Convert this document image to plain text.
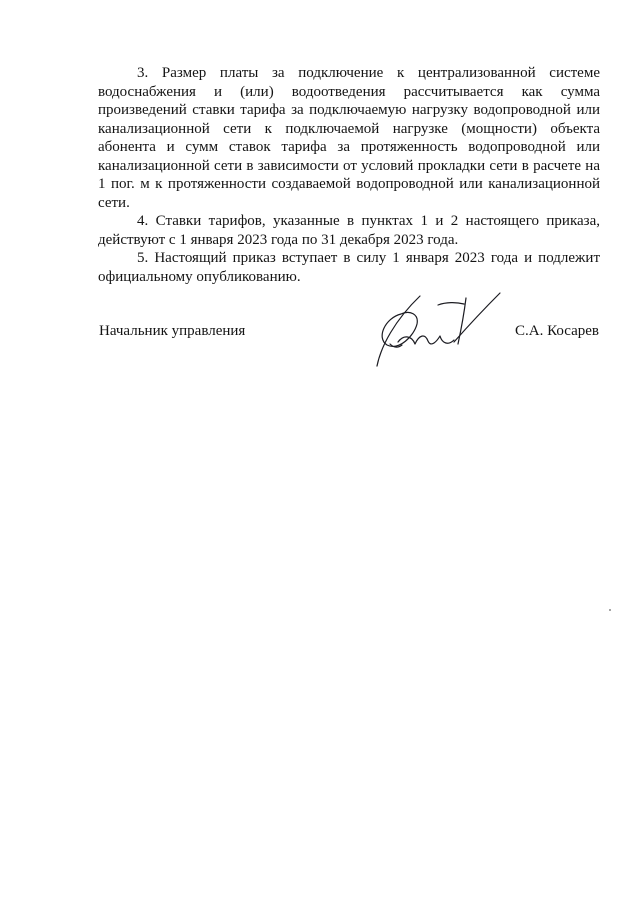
3. Размер платы за подключение к централизованной системе
водоснабжения и (или) водоотведения рассчитывается как сумма
произведений ставки тарифа за подключаемую нагрузку водопроводной или
канализационной сети к подключаемой нагрузке (мощности) объекта
абонента и сумм ставок тарифа за протяженность водопроводной или
канализационной сети в зависимости от условий прокладки сети в расчете на
1 пог. м к протяженности создаваемой водопроводной или канализационной
сети.
4. Ставки тарифов, указанные в пунктах 1 и 2 настоящего приказа,
действуют с 1 января 2023 года по 31 декабря 2023 года.
5. Настоящий приказ вступает в силу 1 января 2023 года и подлежит
официальному опубликованию.
Начальник управления	С.А. Косарев
